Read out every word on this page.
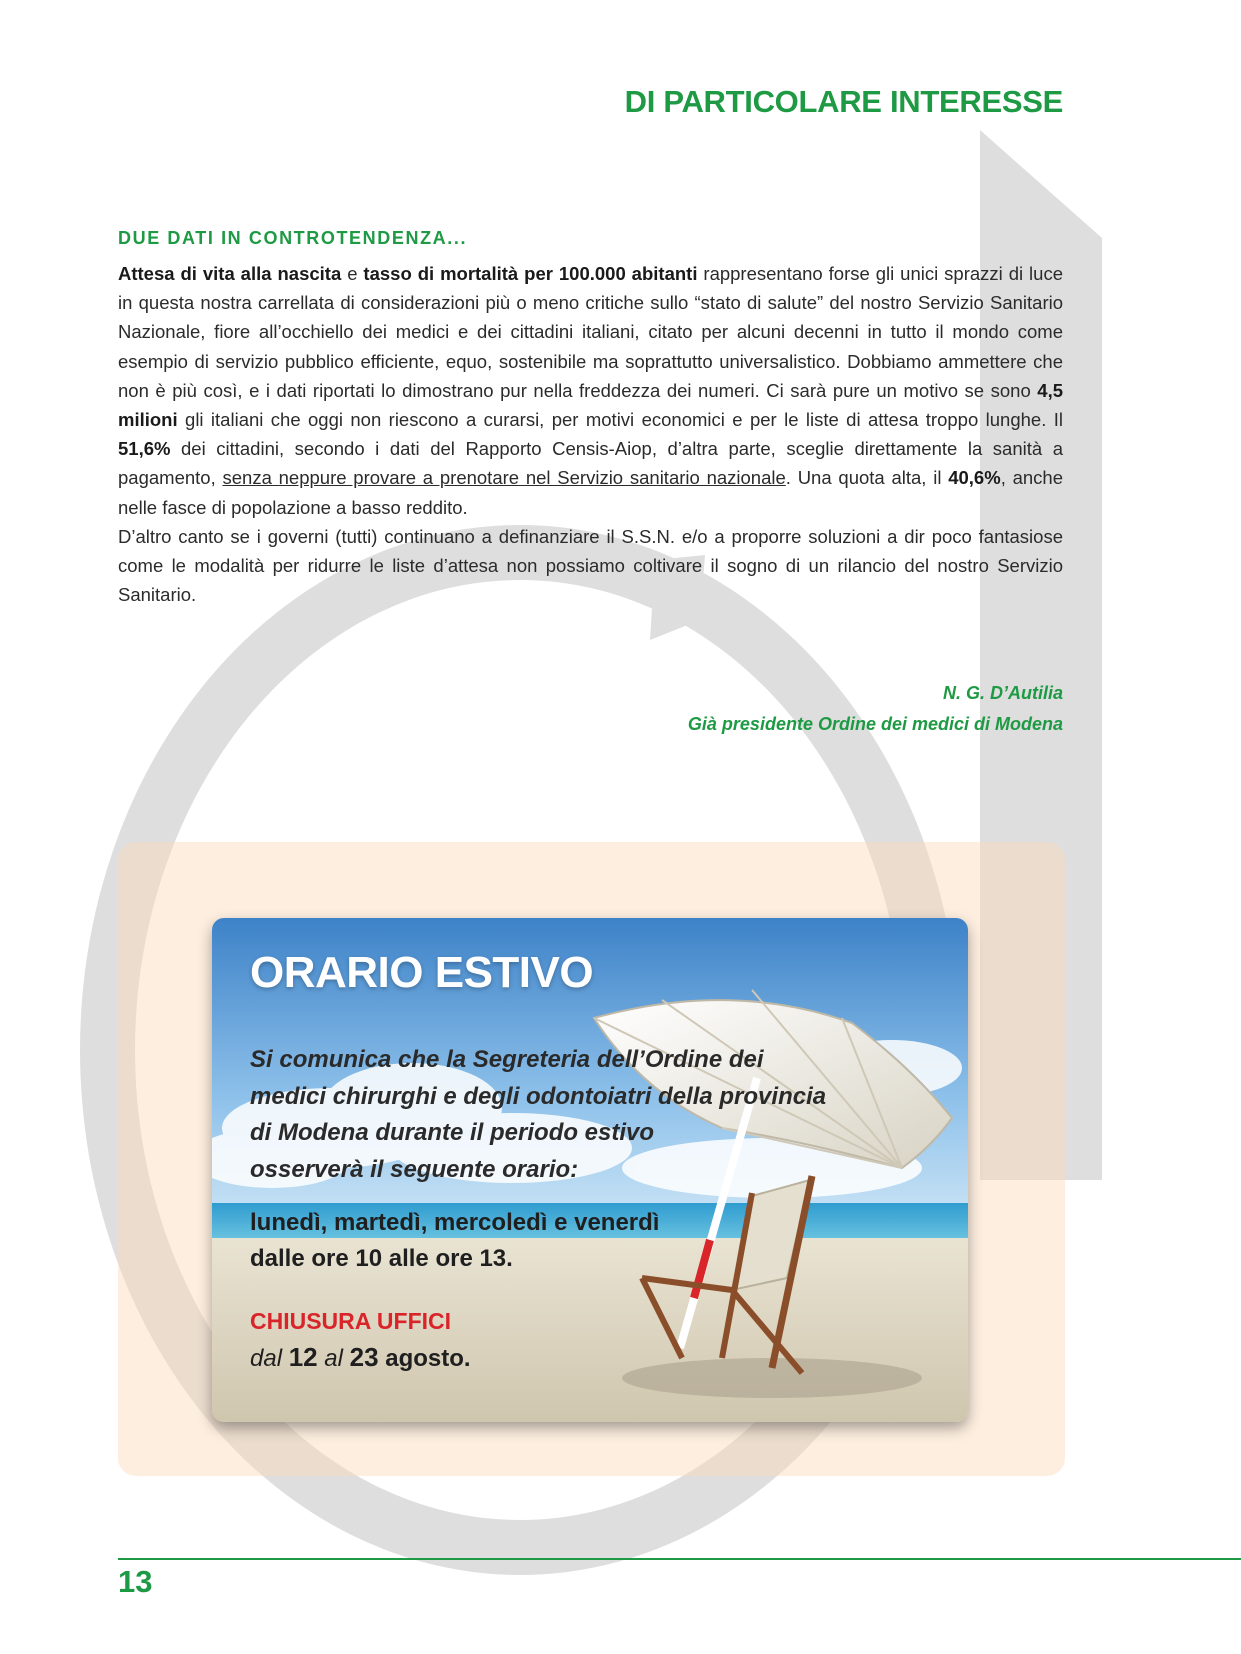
DI PARTICOLARE INTERESSE
DUE DATI IN CONTROTENDENZA...

Attesa di vita alla nascita e tasso di mortalità per 100.000 abitanti rappresentano forse gli unici sprazzi di luce in questa nostra carrellata di considerazioni più o meno critiche sullo “stato di salute” del nostro Servizio Sanitario Nazionale, fiore all’occhiello dei medici e dei cittadini italiani, citato per alcuni decenni in tutto il mondo come esempio di servizio pubblico efficiente, equo, sostenibile ma soprattutto universalistico. Dobbiamo ammettere che non è più così, e i dati riportati lo dimostrano pur nella freddezza dei numeri. Ci sarà pure un motivo se sono 4,5 milioni gli italiani che oggi non riescono a curarsi, per motivi economici e per le liste di attesa troppo lunghe. Il 51,6% dei cittadini, secondo i dati del Rapporto Censis-Aiop, d’altra parte, sceglie direttamente la sanità a pagamento, senza neppure provare a prenotare nel Servizio sanitario nazionale. Una quota alta, il 40,6%, anche nelle fasce di popolazione a basso reddito.

D’altro canto se i governi (tutti) continuano a definanziare il S.S.N. e/o a proporre soluzioni a dir poco fantasiose come le modalità per ridurre le liste d’attesa non possiamo coltivare il sogno di un rilancio del nostro Servizio Sanitario.

N. G. D’Autilia
Già presidente Ordine dei medici di Modena
ORARIO ESTIVO
Si comunica che la Segreteria dell’Ordine dei
medici chirurghi e degli odontoiatri della provincia
di Modena durante il periodo estivo
osserverà il seguente orario:
lunedì, martedì, mercoledì e venerdì
dalle ore 10 alle ore 13.
CHIUSURA UFFICI
dal 12 al 23 agosto.
13
